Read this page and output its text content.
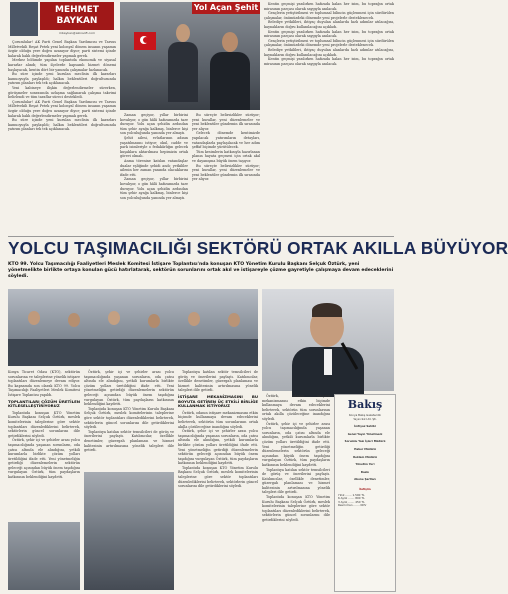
MEHMET
BAYKAN
mbaykan@akinsoft.com

Çorumlular! AK Parti Genel Başkan Yardımcısı ve Tarsus Milletvekili Reşat Petek yeni kolonyal dönem insanın yaşamın özgür olduğu yere doğru uzanıyor diyor; parti sistemi içinde kalarak haklı değerlendirmeler yapmak gerek.

Merkez bölümde yapılan toplantıda ekonomik ve siyasal kararlar alındı; tüm ilçelerde kapsamlı hizmet dönemi başlayacak, kentin dört bir yanında çalışmalar hızlanacak.

Bu süre içinde yeni kurulan meclisin ilk kararları kamuoyuyla paylaşıldı; halkın beklentileri doğrultusunda yatırım planları tek tek açıklanacak.

Yeni kabineye ilişkin değerlendirmeler sürerken, görüşmeler sonrasında uzlaşma sağlanarak çalışma takvimi belirlendi ve tüm taraflar süreci destekledi.

Çorumlular! AK Parti Genel Başkan Yardımcısı ve Tarsus Milletvekili Reşat Petek yeni kolonyal dönem insanın yaşamın özgür olduğu yere doğru uzanıyor diyor; parti sistemi içinde kalarak haklı değerlendirmeler yapmak gerek.

Bu süre içinde yeni kurulan meclisin ilk kararları kamuoyuyla paylaşıldı; halkın beklentileri doğrultusunda yatırım planları tek tek açıklanacak.

Yol Açan Şehit

Zaman geçiyor, yıllar birbirini kovalıyor, o gün hâlâ hafızamızda taze duruyor. Yolu açan şehidin ardından tüm şehir ayağa kalkmış, binlerce kişi son yolculuğunda yanında yer almıştı.

Şehit ailesi, evlatlarının adının yaşatılmasını istiyor; okul, cadde ve park isimleriyle o fedakârlığın gelecek kuşaklara aktarılması hepimizin ortak görevi olmalı.

Anma törenine katılan vatandaşlar dualar eşliğinde şehidi andı; yetkililer ailenin her zaman yanında olacaklarını ifade etti.

Zaman geçiyor, yıllar birbirini kovalıyor, o gün hâlâ hafızamızda taze duruyor. Yolu açan şehidin ardından tüm şehir ayağa kalkmış, binlerce kişi son yolculuğunda yanında yer almıştı.

Bu süreçte belirsizlikler sürüyor; yeni kurallar, yeni düzenlemeler ve yeni beklentiler gündemin ilk sırasında yer alıyor.

Gelecek dönemde kentimizde yapılacak yatırımların detayları, vatandaşlarla paylaşılacak ve her adım şeffaf biçimde yürütülecek.

Tüm kesimlerin katkısıyla hazırlanan planın hayata geçmesi için ortak akıl ve dayanışma büyük önem taşıyor.

Bu süreçte belirsizlikler sürüyor; yeni kurallar, yeni düzenlemeler ve yeni beklentiler gündemin ilk sırasında yer alıyor.

Kentin geçmişi yazılırken hafızada kalan her isim, bu toprağın ortak mirasının parçası olarak saygıyla anılacak.

Gençlerin yetiştirilmesi ve toplumsal bilincin güçlenmesi için sürdürülen çalışmalar, önümüzdeki dönemde yeni projelerle desteklenecek.

Belediye yetkilileri, ihtiyaç duyulan alanlarda hızlı adımlar atılacağını, kaynakların doğru kullanılacağını açıkladı.

Kentin geçmişi yazılırken hafızada kalan her isim, bu toprağın ortak mirasının parçası olarak saygıyla anılacak.

Gençlerin yetiştirilmesi ve toplumsal bilincin güçlenmesi için sürdürülen çalışmalar, önümüzdeki dönemde yeni projelerle desteklenecek.

Belediye yetkilileri, ihtiyaç duyulan alanlarda hızlı adımlar atılacağını, kaynakların doğru kullanılacağını açıkladı.

Kentin geçmişi yazılırken hafızada kalan her isim, bu toprağın ortak mirasının parçası olarak saygıyla anılacak.

YOLCU TAŞIMACILIĞI SEKTÖRÜ ORTAK AKILLA BÜYÜYOR
KTO 99. Yolcu Taşımacılığı Faaliyetleri Meslek Komitesi İstişare Toplantısı'nda konuşan KTO Yönetim Kurulu Başkanı Selçuk Öztürk, yeni yönetmelikte birlikte ortaya konulan gücü hatırlatarak, sektörün sorunlarını ortak akıl ve istişareyle çözme gayretiyle çalışmaya devam edeceklerini söyledi.

Konya Ticaret Odası (KTO), sektörün sorunlarına ve taleplerine yönelik istişare toplantıları düzenlemeye devam ediyor. Bu kapsamda son olarak KTO 99. Yolcu Taşımacılığı Faaliyetleri Meslek Komitesi İstişare Toplantısı yapıldı.

TOPLANTILARI ÇÖZÜM ÜRETİLEN KİTLESELLEŞTİRİYORUZ

Toplantıda konuşan KTO Yönetim Kurulu Başkanı Selçuk Öztürk, meslek komitelerinin taleplerine göre sektör toplantıları düzenlediklerini belirterek, sektörlerin güncel sorunlarını dile getirdiklerini söyledi.

Öztürk, şehir içi ve şehirler arası yolcu taşımacılığında yaşanan sorunların, oda çatısı altında ele alındığını, yetkili kurumlarla birlikte çözüm yolları üretildiğini ifade etti. Yeni yönetmeliğin getirdiği düzenlemelerin sektörün geleceği açısından büyük önem taşıdığını vurgulayan Öztürk, tüm paydaşların katkısının beklendiğini kaydetti.

Öztürk, şehir içi ve şehirler arası yolcu taşımacılığında yaşanan sorunların, oda çatısı altında ele alındığını, yetkili kurumlarla birlikte çözüm yolları üretildiğini ifade etti. Yeni yönetmeliğin getirdiği düzenlemelerin sektörün geleceği açısından büyük önem taşıdığını vurgulayan Öztürk, tüm paydaşların katkısının beklendiğini kaydetti.

Toplantıda konuşan KTO Yönetim Kurulu Başkanı Selçuk Öztürk, meslek komitelerinin taleplerine göre sektör toplantıları düzenlediklerini belirterek, sektörlerin güncel sorunlarını dile getirdiklerini söyledi.

Toplantıya katılan sektör temsilcileri de görüş ve önerilerini paylaştı. Katılımcılar, özellikle denetimler, güzergah planlaması ve hizmet kalitesinin artırılmasına yönelik talepleri dile getirdi.

Toplantıya katılan sektör temsilcileri de görüş ve önerilerini paylaştı. Katılımcılar, özellikle denetimler, güzergah planlaması ve hizmet kalitesinin artırılmasına yönelik talepleri dile getirdi.

İSTİŞARE MEKANİZMASINI BU BOYUTA GETİREN ÜÇ ETKİLİ BİRLİĞE KULLANMAK İSTİYORUZ

Öztürk, odanın istişare mekanizmasını etkin biçimde kullanmaya devam edeceklerini belirterek, sektörün tüm sorunlarının ortak akılla çözüleceğine inandığını söyledi.

Öztürk, şehir içi ve şehirler arası yolcu taşımacılığında yaşanan sorunların, oda çatısı altında ele alındığını, yetkili kurumlarla birlikte çözüm yolları üretildiğini ifade etti. Yeni yönetmeliğin getirdiği düzenlemelerin sektörün geleceği açısından büyük önem taşıdığını vurgulayan Öztürk, tüm paydaşların katkısının beklendiğini kaydetti.

Toplantıda konuşan KTO Yönetim Kurulu Başkanı Selçuk Öztürk, meslek komitelerinin taleplerine göre sektör toplantıları düzenlediklerini belirterek, sektörlerin güncel sorunlarını dile getirdiklerini söyledi.

Öztürk, odanın istişare mekanizmasını etkin biçimde kullanmaya devam edeceklerini belirterek, sektörün tüm sorunlarının ortak akılla çözüleceğine inandığını söyledi.

Öztürk, şehir içi ve şehirler arası yolcu taşımacılığında yaşanan sorunların, oda çatısı altında ele alındığını, yetkili kurumlarla birlikte çözüm yolları üretildiğini ifade etti. Yeni yönetmeliğin getirdiği düzenlemelerin sektörün geleceği açısından büyük önem taşıdığını vurgulayan Öztürk, tüm paydaşların katkısının beklendiğini kaydetti.

Toplantıya katılan sektör temsilcileri de görüş ve önerilerini paylaştı. Katılımcılar, özellikle denetimler, güzergah planlaması ve hizmet kalitesinin artırılmasına yönelik talepleri dile getirdi.

Toplantıda konuşan KTO Yönetim Kurulu Başkanı Selçuk Öztürk, meslek komitelerinin taleplerine göre sektör toplantıları düzenlediklerini belirterek, sektörlerin güncel sorunlarını dile getirdiklerini söyledi.

Bakış
Konya Bakış Gazetecilik
Yayıncılık Ltd. Şti.
İmtiyaz Sahibi
Genel Yayın Yönetmeni
Sorumlu Yazı İşleri Müdürü
Haber Müdürü
Reklam Müdürü
Yönetim Yeri
Baskı
Abone Şartları
İletişim
Yıllık ....... 1.500 TL
6 Aylık ....... 800 TL
3 Aylık ....... 450 TL
Resmi İlan ....... KDV
